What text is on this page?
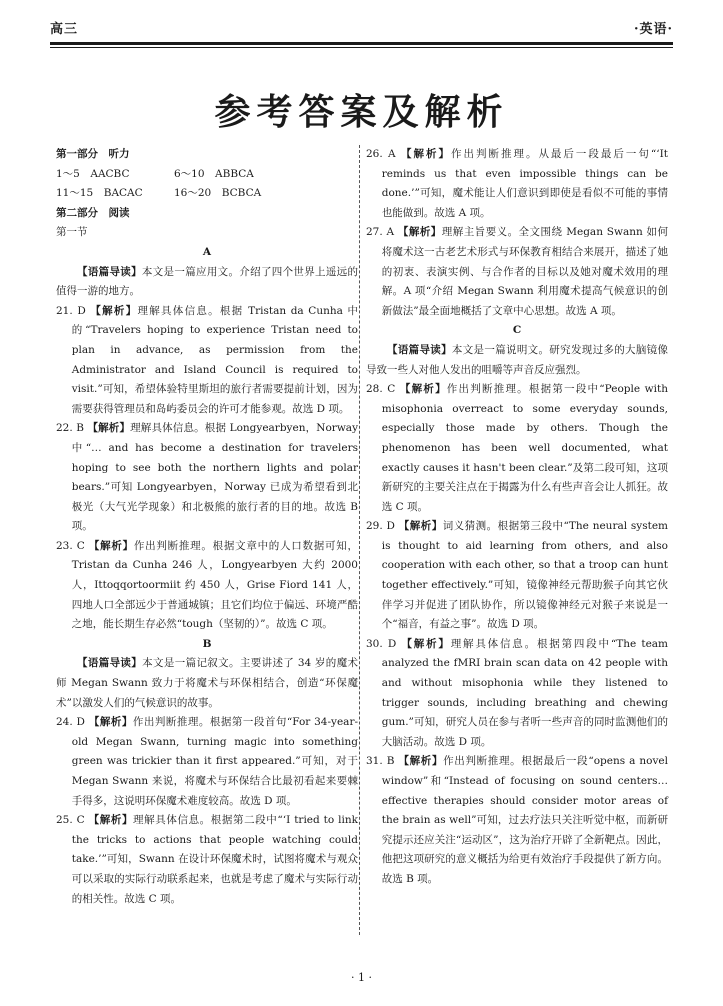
高三	·英语·
参考答案及解析

第一部分　听力

1～5　AACBC	6～10　ABBCA

11～15　BACAC	16～20　BCBCA

第二部分　阅读

第一节

A

【语篇导读】本文是一篇应用文。介绍了四个世界上遥远的值得一游的地方。

21. D 【解析】理解具体信息。根据 Tristan da Cunha 中的“Travelers hoping to experience Tristan need to plan in advance, as permission from the Administrator and Island Council is required to visit.”可知，希望体验特里斯坦的旅行者需要提前计划，因为需要获得管理员和岛屿委员会的许可才能参观。故选 D 项。

22. B 【解析】理解具体信息。根据 Longyearbyen，Norway 中“… and has become a destination for travelers hoping to see both the northern lights and polar bears.”可知 Longyearbyen，Norway 已成为希望看到北极光（大气光学现象）和北极熊的旅行者的目的地。故选 B 项。

23. C 【解析】作出判断推理。根据文章中的人口数据可知，Tristan da Cunha 246 人，Longyearbyen 大约 2000 人，Ittoqqortoormiit 约 450 人，Grise Fiord 141 人，四地人口全部远少于普通城镇；且它们均位于偏远、环境严酷之地，能长期生存必然“tough（坚韧的）”。故选 C 项。

B

【语篇导读】本文是一篇记叙文。主要讲述了 34 岁的魔术师 Megan Swann 致力于将魔术与环保相结合，创造“环保魔术”以激发人们的气候意识的故事。

24. D 【解析】作出判断推理。根据第一段首句“For 34-year-old Megan Swann, turning magic into something green was trickier than it first appeared.”可知，对于 Megan Swann 来说，将魔术与环保结合比最初看起来要棘手得多，这说明环保魔术难度较高。故选 D 项。

25. C 【解析】理解具体信息。根据第二段中“‘I tried to link the tricks to actions that people watching could take.’”可知，Swann 在设计环保魔术时，试图将魔术与观众可以采取的实际行动联系起来，也就是考虑了魔术与实际行动的相关性。故选 C 项。

26. A 【解析】作出判断推理。从最后一段最后一句“‘It reminds us that even impossible things can be done.’”可知，魔术能让人们意识到即使是看似不可能的事情也能做到。故选 A 项。

27. A 【解析】理解主旨要义。全文围绕 Megan Swann 如何将魔术这一古老艺术形式与环保教育相结合来展开，描述了她的初衷、表演实例、与合作者的目标以及她对魔术效用的理解。A 项“介绍 Megan Swann 利用魔术提高气候意识的创新做法”最全面地概括了文章中心思想。故选 A 项。

C

【语篇导读】本文是一篇说明文。研究发现过多的大脑镜像导致一些人对他人发出的咀嚼等声音反应强烈。

28. C 【解析】作出判断推理。根据第一段中“People with misophonia overreact to some everyday sounds, especially those made by others. Though the phenomenon has been well documented, what exactly causes it hasn't been clear.”及第二段可知，这项新研究的主要关注点在于揭露为什么有些声音会让人抓狂。故选 C 项。

29. D 【解析】词义猜测。根据第三段中“The neural system is thought to aid learning from others, and also cooperation with each other, so that a troop can hunt together effectively.”可知，镜像神经元帮助猴子向其它伙伴学习并促进了团队协作，所以镜像神经元对猴子来说是一个“福音，有益之事”。故选 D 项。

30. D 【解析】理解具体信息。根据第四段中“The team analyzed the fMRI brain scan data on 42 people with and without misophonia while they listened to trigger sounds, including breathing and chewing gum.”可知，研究人员在参与者听一些声音的同时监测他们的大脑活动。故选 D 项。

31. B 【解析】作出判断推理。根据最后一段“opens a novel window”和“Instead of focusing on sound centers…effective therapies should consider motor areas of the brain as well”可知，过去疗法只关注听觉中枢，而新研究提示还应关注“运动区”，这为治疗开辟了全新靶点。因此，他把这项研究的意义概括为给更有效治疗手段提供了新方向。故选 B 项。

· 1 ·
